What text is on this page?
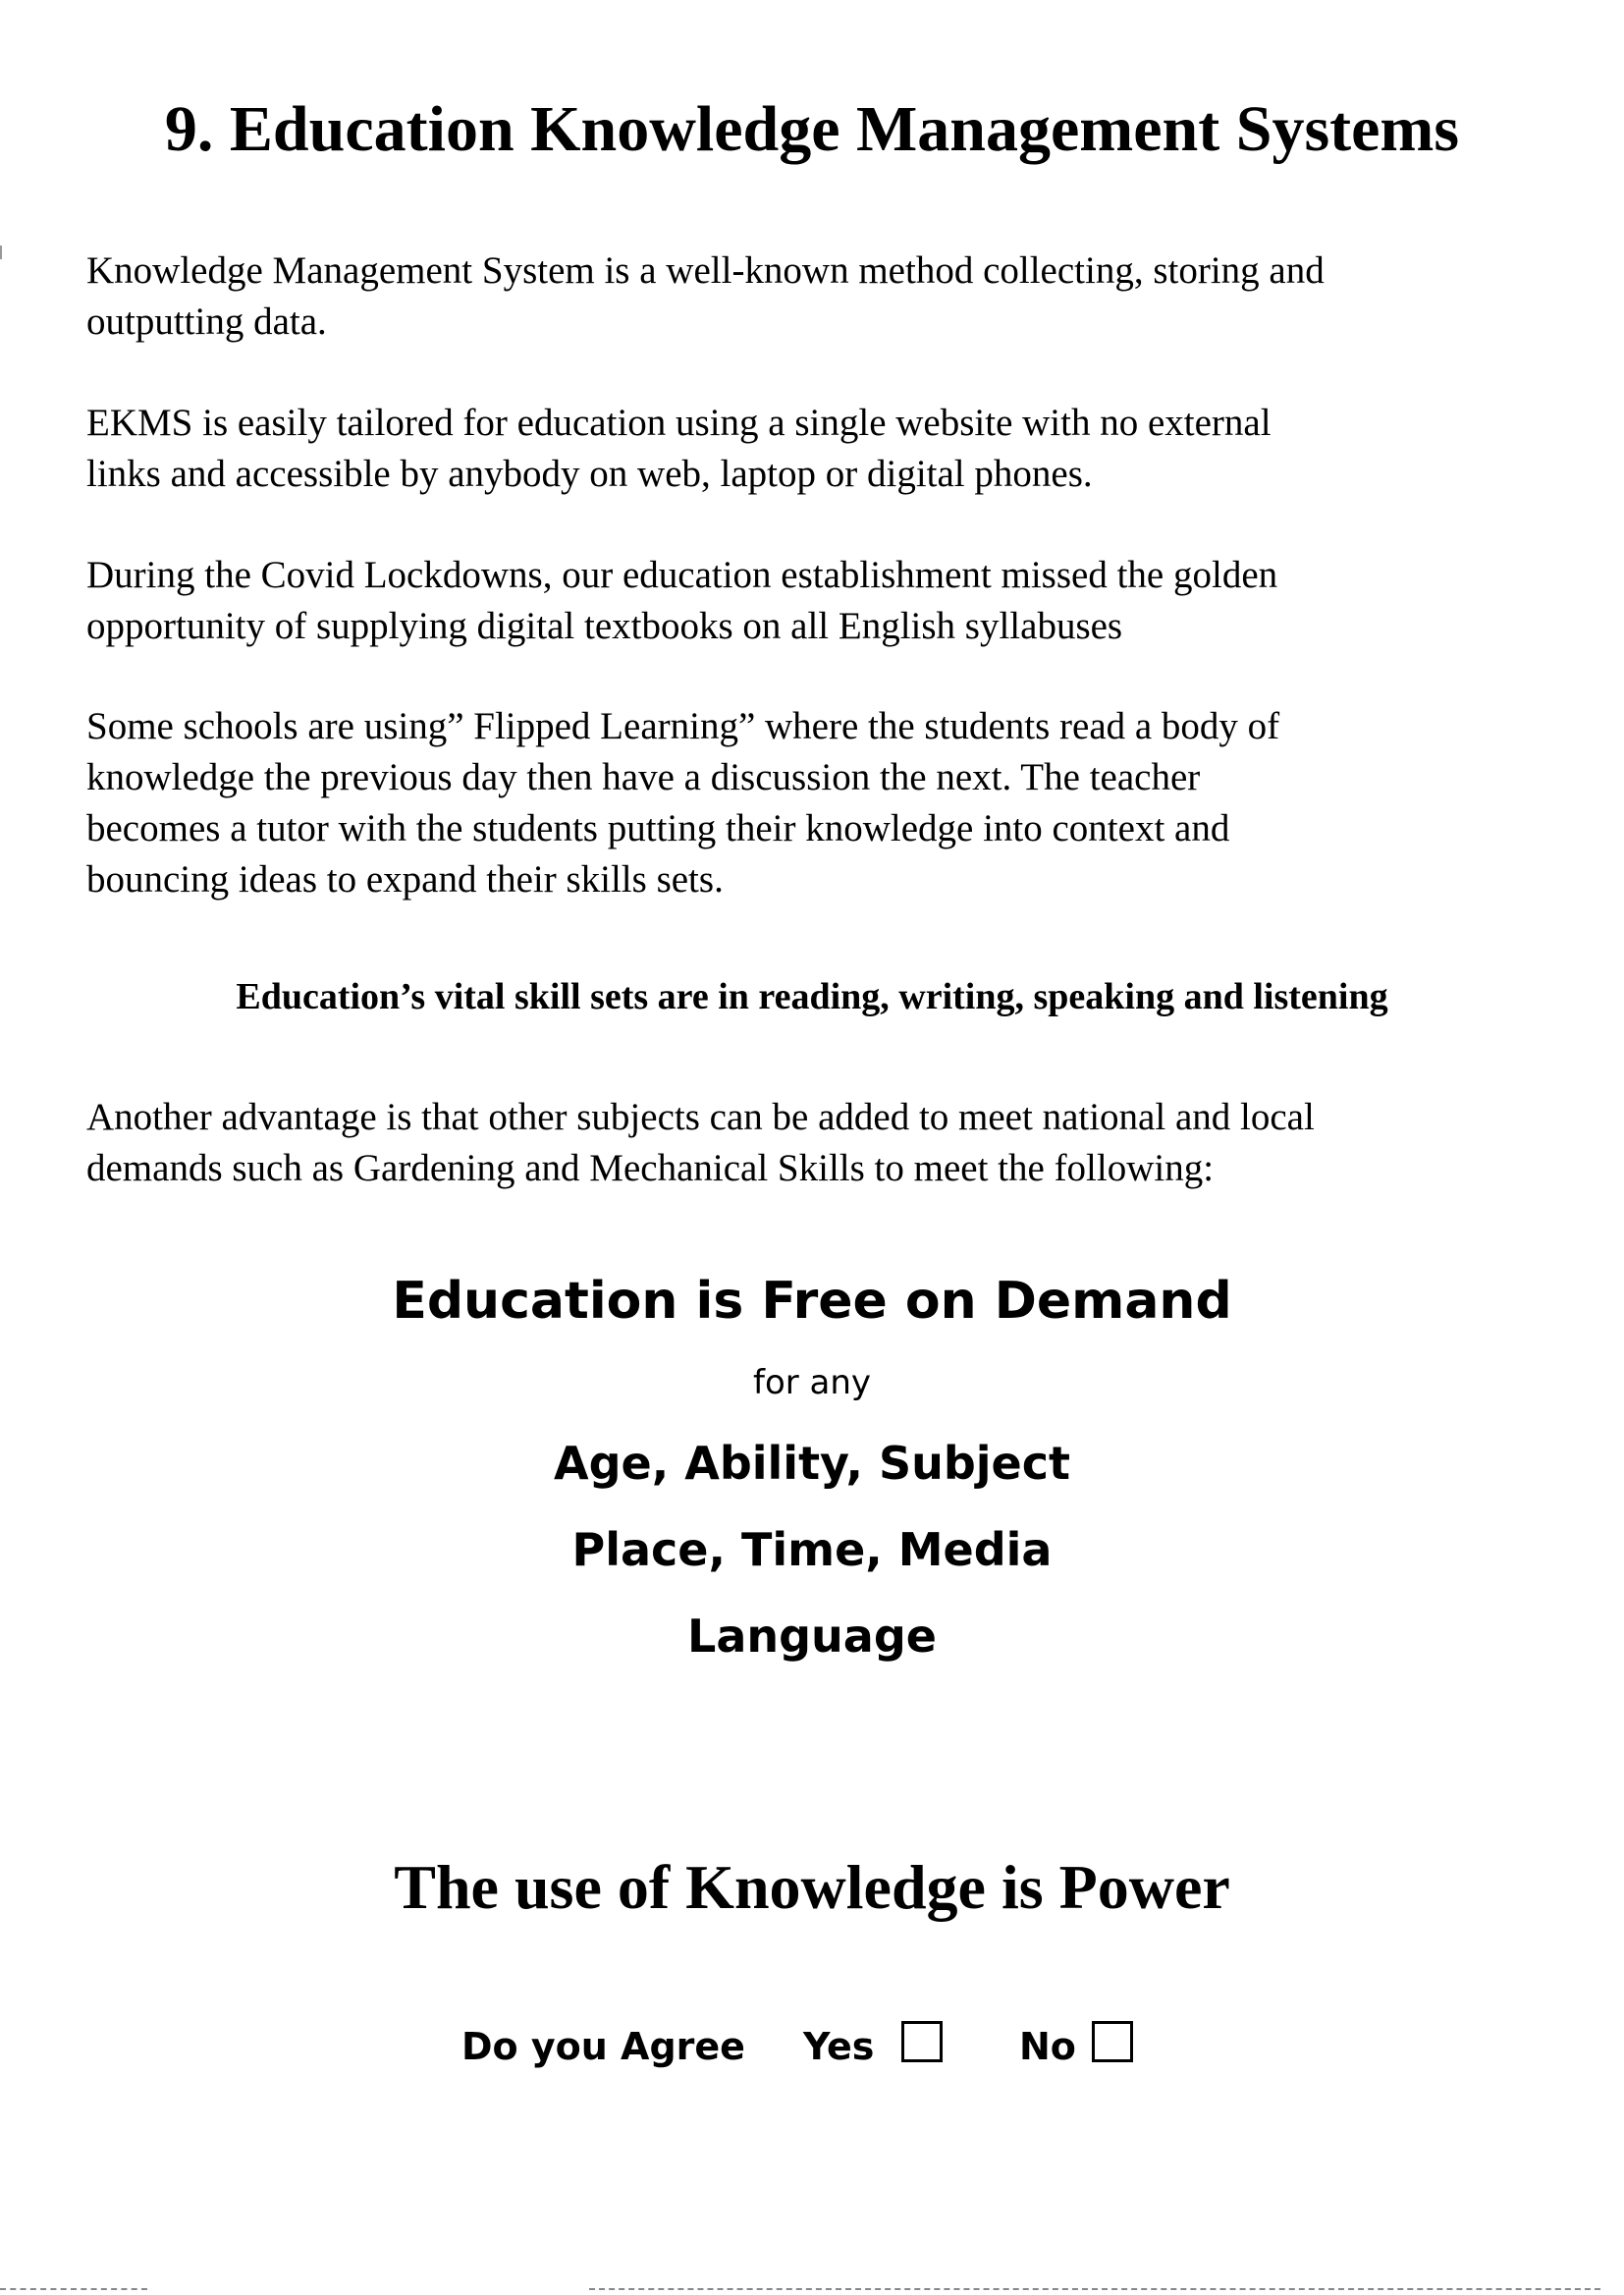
9. Education Knowledge Management Systems

Knowledge Management System is a well-known method collecting, storing and
outputting data.

EKMS is easily tailored for education using a single website with no external
links and accessible by anybody on web, laptop or digital phones.

During the Covid Lockdowns, our education establishment missed the golden
opportunity of supplying digital textbooks on all English syllabuses

Some schools are using” Flipped Learning” where the students read a body of
knowledge the previous day then have a discussion the next. The teacher
becomes a tutor with the students putting their knowledge into context and
bouncing ideas to expand their skills sets.

Education’s vital skill sets are in reading, writing, speaking and listening

Another advantage is that other subjects can be added to meet national and local
demands such as Gardening and Mechanical Skills to meet the following:

Education is Free on Demand

for any

Age, Ability, Subject

Place, Time, Media

Language

The use of Knowledge is Power

Do you Agree Yes	No
